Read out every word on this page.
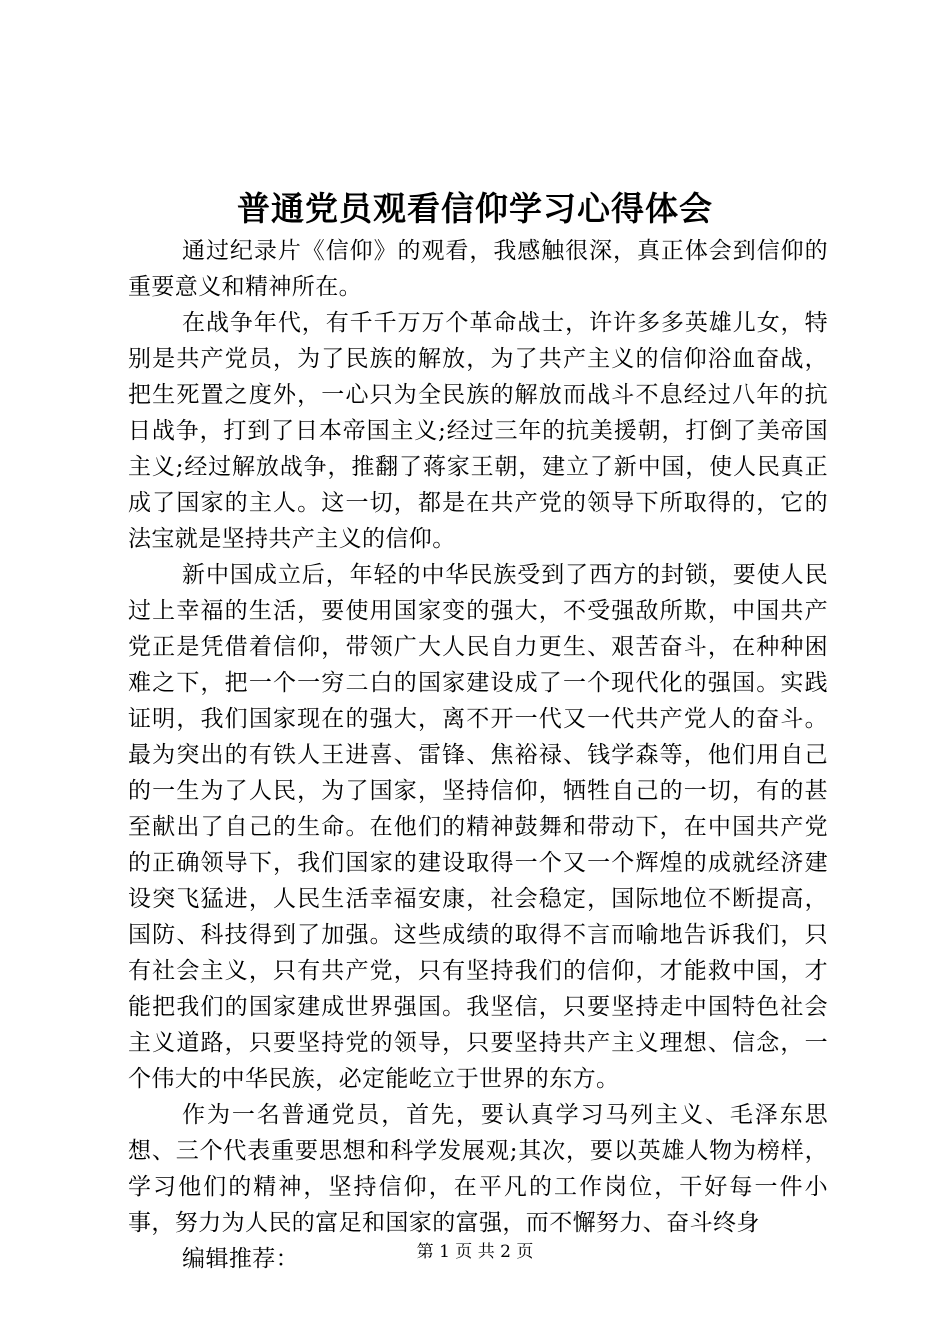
普通党员观看信仰学习心得体会

通过纪录片《信仰》的观看，我感触很深，真正体会到信仰的重要意义和精神所在。

在战争年代，有千千万万个革命战士，许许多多英雄儿女，特别是共产党员，为了民族的解放，为了共产主义的信仰浴血奋战，把生死置之度外，一心只为全民族的解放而战斗不息经过八年的抗日战争，打到了日本帝国主义;经过三年的抗美援朝，打倒了美帝国主义;经过解放战争，推翻了蒋家王朝，建立了新中国，使人民真正成了国家的主人。这一切，都是在共产党的领导下所取得的，它的法宝就是坚持共产主义的信仰。

新中国成立后，年轻的中华民族受到了西方的封锁，要使人民过上幸福的生活，要使用国家变的强大，不受强敌所欺，中国共产党正是凭借着信仰，带领广大人民自力更生、艰苦奋斗，在种种困难之下，把一个一穷二白的国家建设成了一个现代化的强国。实践证明，我们国家现在的强大，离不开一代又一代共产党人的奋斗。最为突出的有铁人王进喜、雷锋、焦裕禄、钱学森等，他们用自己的一生为了人民，为了国家，坚持信仰，牺牲自己的一切，有的甚至献出了自己的生命。在他们的精神鼓舞和带动下，在中国共产党的正确领导下，我们国家的建设取得一个又一个辉煌的成就经济建设突飞猛进，人民生活幸福安康，社会稳定，国际地位不断提高，国防、科技得到了加强。这些成绩的取得不言而喻地告诉我们，只有社会主义，只有共产党，只有坚持我们的信仰，才能救中国，才能把我们的国家建成世界强国。我坚信，只要坚持走中国特色社会主义道路，只要坚持党的领导，只要坚持共产主义理想、信念，一个伟大的中华民族，必定能屹立于世界的东方。

作为一名普通党员，首先，要认真学习马列主义、毛泽东思想、三个代表重要思想和科学发展观;其次，要以英雄人物为榜样，学习他们的精神，坚持信仰，在平凡的工作岗位，干好每一件小事，努力为人民的富足和国家的富强，而不懈努力、奋斗终身

编辑推荐：	第 1 页 共 2 页
